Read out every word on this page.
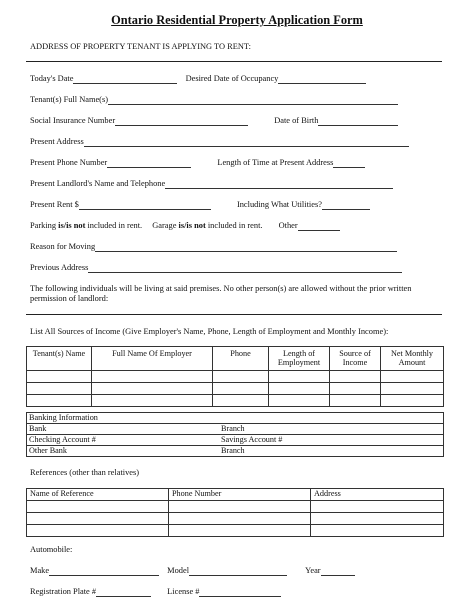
Ontario Residential Property Application Form
ADDRESS OF PROPERTY TENANT IS APPLYING TO RENT:
Today's Date	Desired Date of Occupancy
Tenant(s) Full Name(s)
Social Insurance Number	Date of Birth
Present Address
Present Phone Number	Length of Time at Present Address
Present Landlord's Name and Telephone
Present Rent $	Including What Utilities?
Parking is/is not included in rent. Garage is/is not included in rent. Other
Reason for Moving
Previous Address
The following individuals will be living at said premises. No other person(s) are allowed without the prior written permission of landlord:
List All Sources of Income (Give Employer's Name, Phone, Length of Employment and Monthly Income):
Tenant(s) Name	Full Name Of Employer	Phone	Length of Employment	Source of Income	Net Monthly Amount

Banking Information	
Bank	Branch
Checking Account #	Savings Account #
Other Bank	Branch
References (other than relatives)
Name of Reference	Phone Number	Address

Automobile:
Make	Model	Year
Registration Plate #	License #
